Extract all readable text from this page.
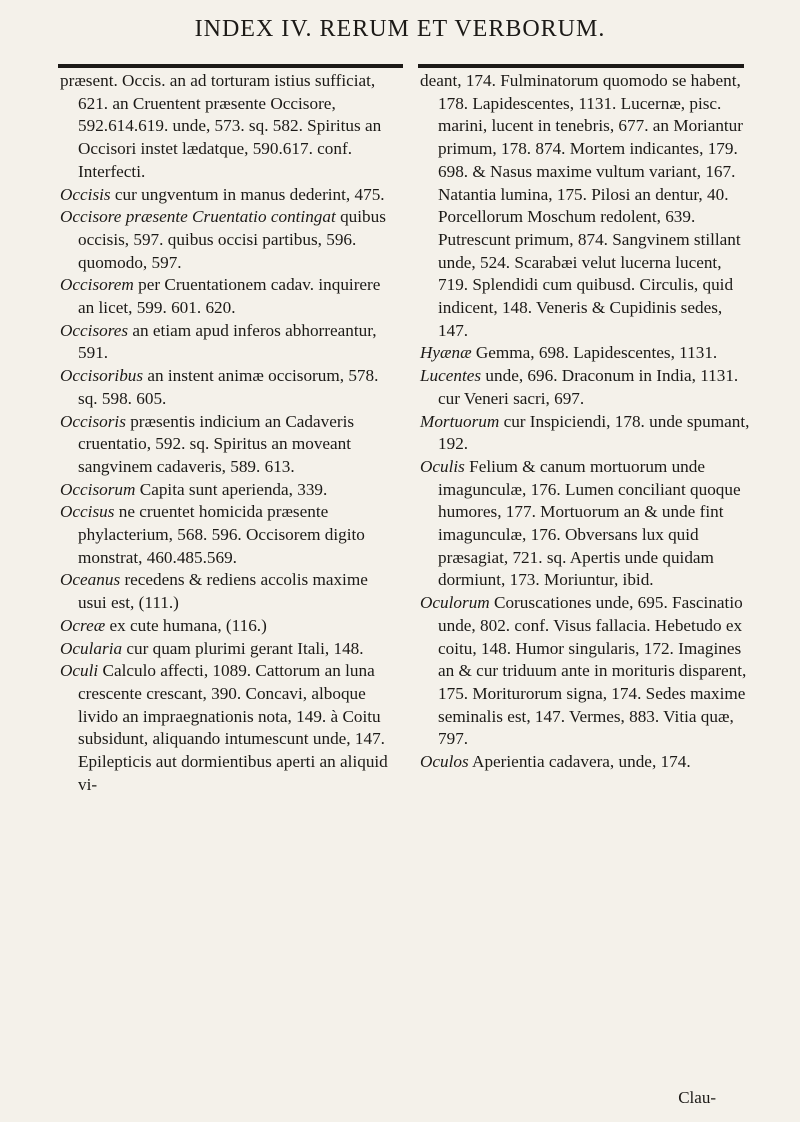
INDEX IV. RERUM ET VERBORUM.

præsent. Occis. an ad torturam istius sufficiat, 621. an Cruentent præsente Occisore, 592.614.619. unde, 573. sq. 582. Spiritus an Occisori instet lædatque, 590.617. conf. Interfecti.

Occisis cur ungventum in manus dederint, 475.

Occisore præsente Cruentatio contingat quibus occisis, 597. quibus occisi partibus, 596. quomodo, 597.

Occisorem per Cruentationem cadav. inquirere an licet, 599. 601. 620.

Occisores an etiam apud inferos abhorreantur, 591.

Occisoribus an instent animæ occisorum, 578. sq. 598. 605.

Occisoris præsentis indicium an Cadaveris cruentatio, 592. sq. Spiritus an moveant sangvinem cadaveris, 589. 613.

Occisorum Capita sunt aperienda, 339.

Occisus ne cruentet homicida præsente phylacterium, 568. 596. Occisorem digito monstrat, 460.485.569.

Oceanus recedens & rediens accolis maxime usui est, (111.)

Ocreæ ex cute humana, (116.)

Ocularia cur quam plurimi gerant Itali, 148.

Oculi Calculo affecti, 1089. Cattorum an luna crescente crescant, 390. Concavi, alboque livido an impraegnationis nota, 149. à Coitu subsidunt, aliquando intumescunt unde, 147. Epilepticis aut dormientibus aperti an aliquid vi-

deant, 174. Fulminatorum quomodo se habent, 178. Lapidescentes, 1131. Lucernæ, pisc. marini, lucent in tenebris, 677. an Moriantur primum, 178. 874. Mortem indicantes, 179. 698. & Nasus maxime vultum variant, 167. Natantia lumina, 175. Pilosi an dentur, 40. Porcellorum Moschum redolent, 639. Putrescunt primum, 874. Sangvinem stillant unde, 524. Scarabæi velut lucerna lucent, 719. Splendidi cum quibusd. Circulis, quid indicent, 148. Veneris & Cupidinis sedes, 147.

Hyænæ Gemma, 698. Lapidescentes, 1131.

Lucentes unde, 696. Draconum in India, 1131. cur Veneri sacri, 697.

Mortuorum cur Inspiciendi, 178. unde spumant, 192.

Oculis Felium & canum mortuorum unde imagunculæ, 176. Lumen conciliant quoque humores, 177. Mortuorum an & unde fint imagunculæ, 176. Obversans lux quid præsagiat, 721. sq. Apertis unde quidam dormiunt, 173. Moriuntur, ibid.

Oculorum Coruscationes unde, 695. Fascinatio unde, 802. conf. Visus fallacia. Hebetudo ex coitu, 148. Humor singularis, 172. Imagines an & cur triduum ante in morituris disparent, 175. Moriturorum signa, 174. Sedes maxime seminalis est, 147. Vermes, 883. Vitia quæ, 797.

Oculos Aperientia cadavera, unde, 174.

Clau-
